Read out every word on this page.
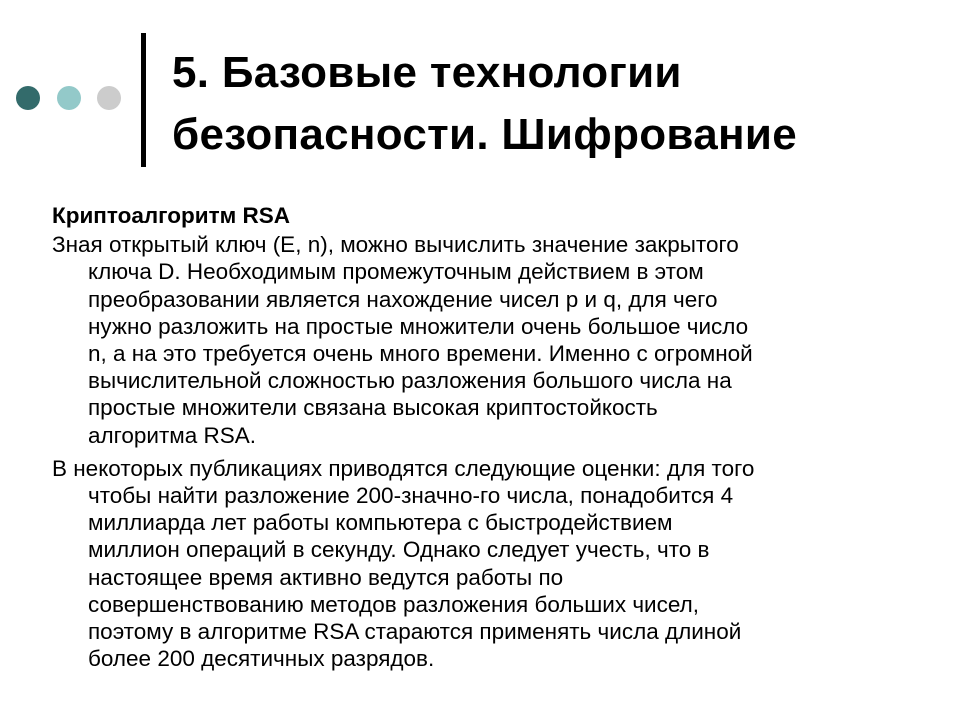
5. Базовые технологии
безопасности. Шифрование
Криптоалгоритм RSA
Зная открытый ключ (E, n), можно вычислить значение закрытого
ключа D. Необходимым промежуточным действием в этом
преобразовании является нахождение чисел p и q, для чего
нужно разложить на простые множители очень большое число
n, а на это требуется очень много времени. Именно с огромной
вычислительной сложностью разложения большого числа на
простые множители связана высокая криптостойкость
алгоритма RSA.
В некоторых публикациях приводятся следующие оценки: для того
чтобы найти разложение 200-значно-го числа, понадобится 4
миллиарда лет работы компьютера с быстродействием
миллион операций в секунду. Однако следует учесть, что в
настоящее время активно ведутся работы по
совершенствованию методов разложения больших чисел,
поэтому в алгоритме RSA стараются применять числа длиной
более 200 десятичных разрядов.
